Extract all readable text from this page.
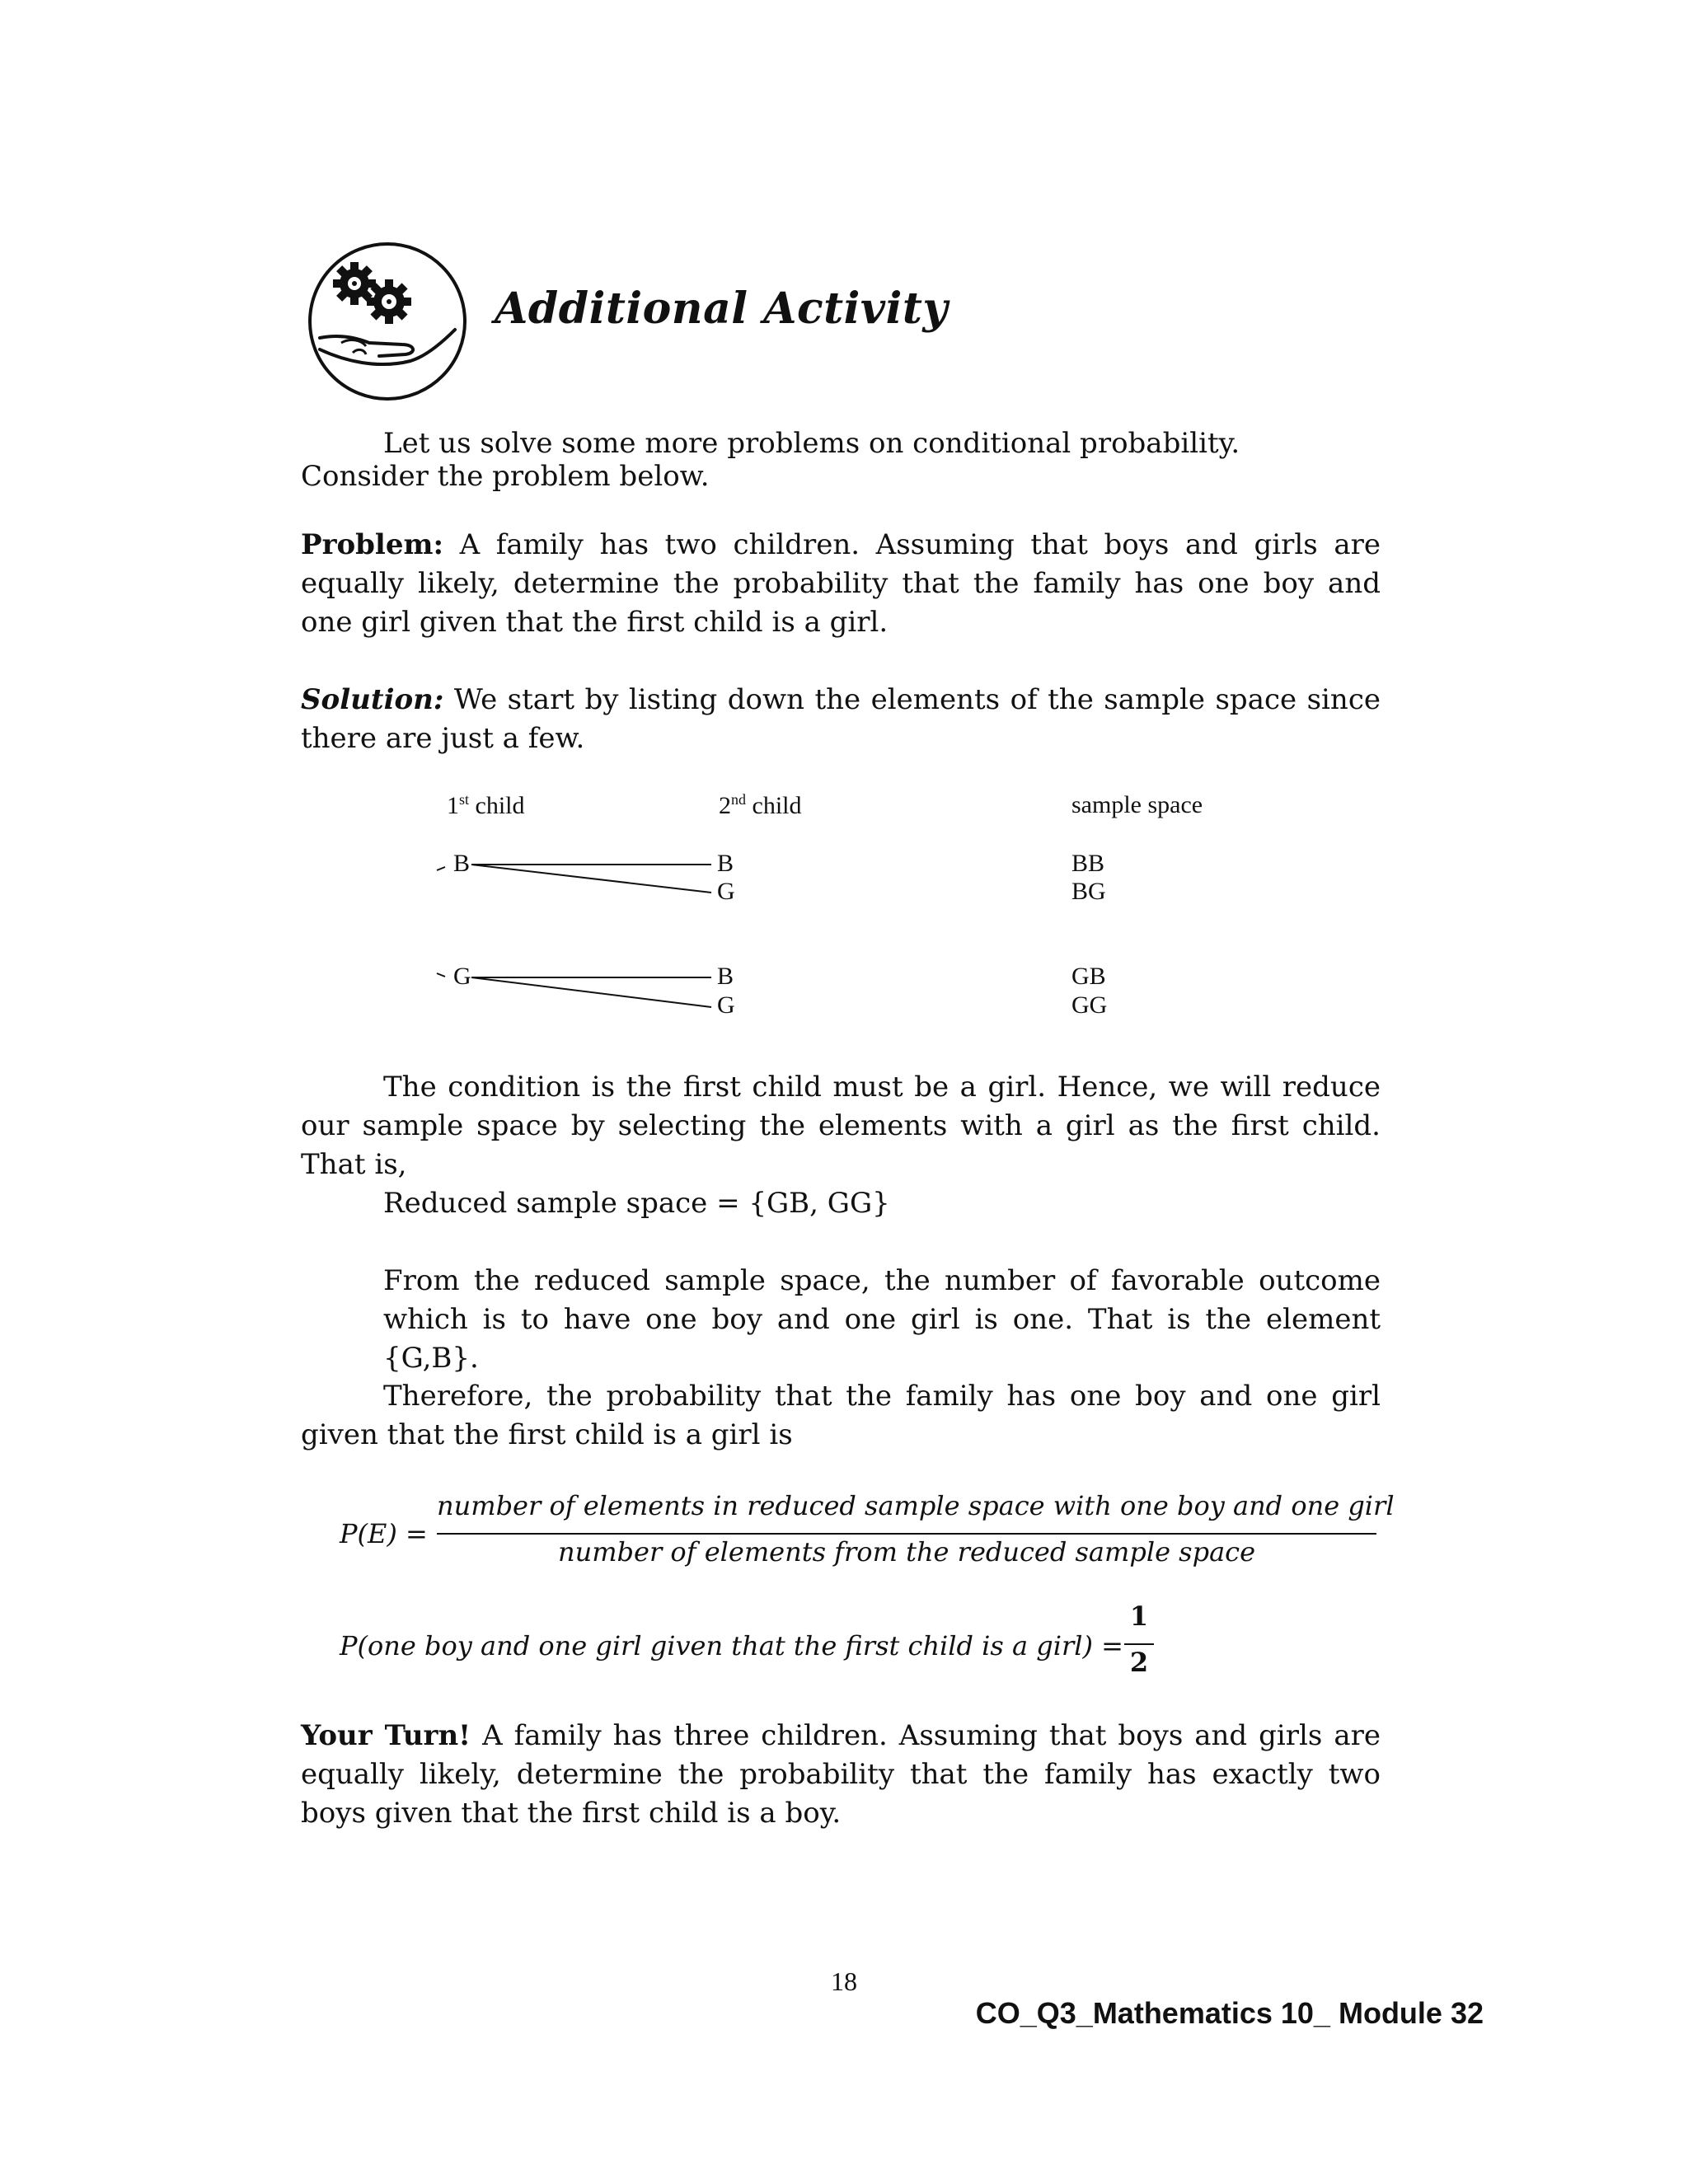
Additional Activity
Let us solve some more problems on conditional probability.
Consider the problem below.
Problem: A family has two children. Assuming that boys and girls are equally likely, determine the probability that the family has one boy and one girl given that the first child is a girl.
Solution: We start by listing down the elements of the sample space since there are just a few.
1st child	2nd child	sample space
B
G
B
G
B
G
BB
BG
GB
GG
The condition is the first child must be a girl. Hence, we will reduce our sample space by selecting the elements with a girl as the first child. That is,
Reduced sample space = {GB, GG}
From the reduced sample space, the number of favorable outcome which is to have one boy and one girl is one. That is the element {G,B}.
Therefore, the probability that the family has one boy and one girl given that the first child is a girl is
P(E) =
number of elements in reduced sample space with one boy and one girl
number of elements from the reduced sample space
P(one boy and one girl given that the first child is a girl) =
1
2
Your Turn! A family has three children. Assuming that boys and girls are equally likely, determine the probability that the family has exactly two boys given that the first child is a boy.
18
CO_Q3_Mathematics 10_ Module 32
